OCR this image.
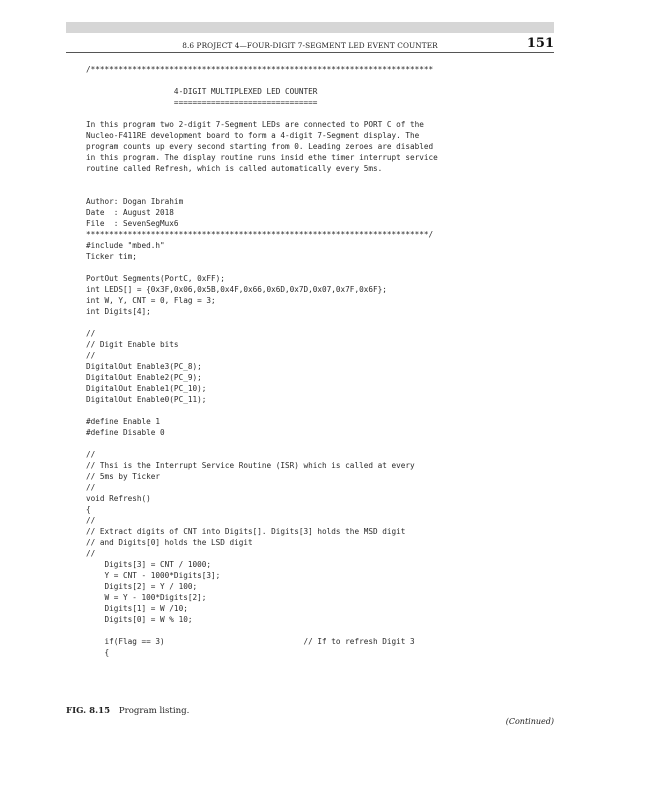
8.6 PROJECT 4—FOUR-DIGIT 7-SEGMENT LED EVENT COUNTER	151
/**************************************************************************
4-DIGIT MULTIPLEXED LED COUNTER
===============================
In this program two 2-digit 7-Segment LEDs are connected to PORT C of the
Nucleo-F411RE development board to form a 4-digit 7-Segment display. The
program counts up every second starting from 0. Leading zeroes are disabled
in this program. The display routine runs insid ethe timer interrupt service
routine called Refresh, which is called automatically every 5ms.
Author: Dogan Ibrahim
Date  : August 2018
File  : SevenSegMux6
**************************************************************************/
#include "mbed.h"
Ticker tim;
PortOut Segments(PortC, 0xFF);
int LEDS[] = {0x3F,0x06,0x5B,0x4F,0x66,0x6D,0x7D,0x07,0x7F,0x6F};
int W, Y, CNT = 0, Flag = 3;
int Digits[4];
//
// Digit Enable bits
//
DigitalOut Enable3(PC_8);
DigitalOut Enable2(PC_9);
DigitalOut Enable1(PC_10);
DigitalOut Enable0(PC_11);
#define Enable 1
#define Disable 0
//
// Thsi is the Interrupt Service Routine (ISR) which is called at every
// 5ms by Ticker
//
void Refresh()
{
//
// Extract digits of CNT into Digits[]. Digits[3] holds the MSD digit
// and Digits[0] holds the LSD digit
//
Digits[3] = CNT / 1000;
Y = CNT - 1000*Digits[3];
Digits[2] = Y / 100;
W = Y - 100*Digits[2];
Digits[1] = W /10;
Digits[0] = W % 10;
if(Flag == 3)                              // If to refresh Digit 3
{
FIG. 8.15 Program listing.
(Continued)
